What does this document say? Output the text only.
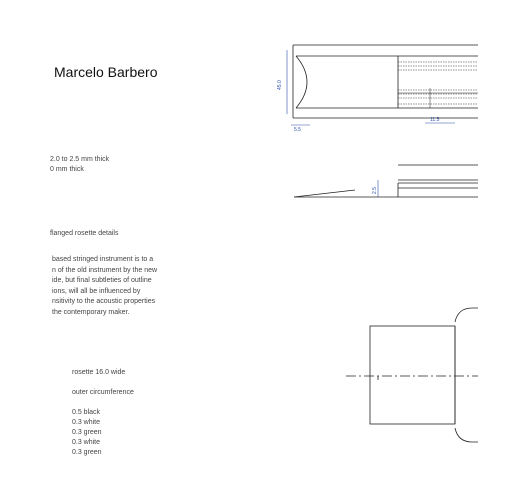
Marcelo Barbero
2.0 to 2.5 mm thick
0 mm thick
flanged rosette details
based stringed instrument is to a
n of the old instrument by the new
ide, but final subtleties of outline
ions, will all be influenced by
nsitivity to the acoustic properties
the contemporary maker.
rosette 16.0 wide
outer circumference
0.5 black
0.3 white
0.3 green
0.3 white
0.3 green
45.0
5.5
11.5
2.5
